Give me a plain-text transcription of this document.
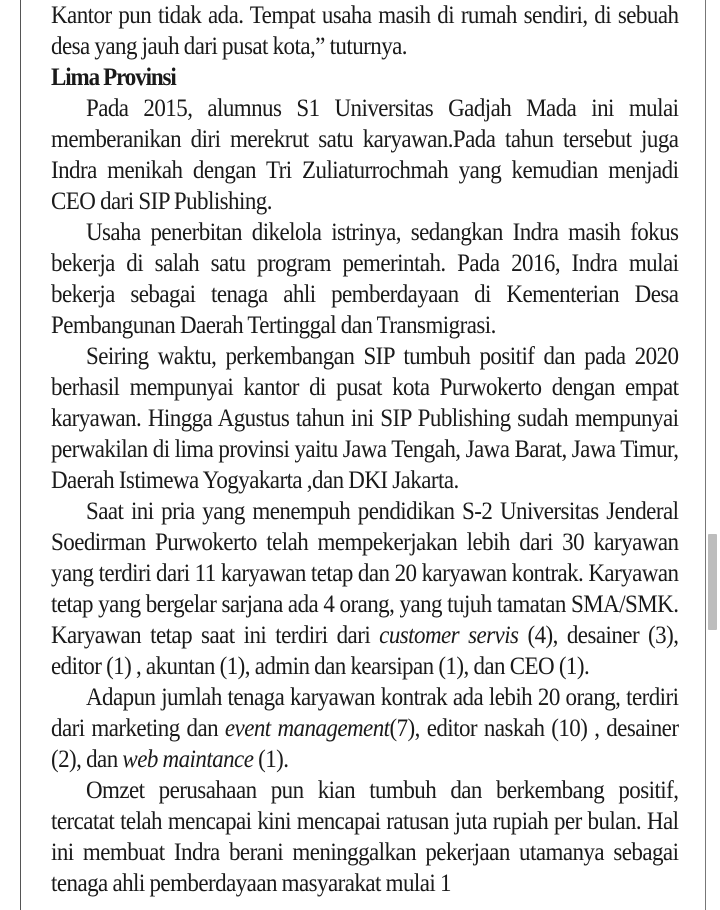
Kantor pun tidak ada. Tempat usaha masih di rumah sendiri, di sebuah desa yang jauh dari pusat kota,” tuturnya.

Lima Provinsi

Pada 2015, alumnus S1 Universitas Gadjah Mada ini mulai memberanikan diri merekrut satu karyawan.Pada tahun tersebut juga Indra menikah dengan Tri Zuliaturrochmah yang kemudian menjadi CEO dari SIP Publishing.

Usaha penerbitan dikelola istrinya, sedangkan Indra masih fokus bekerja di salah satu program pemerintah. Pada 2016, Indra mulai bekerja sebagai tenaga ahli pemberdayaan di Kementerian Desa Pembangunan Daerah Tertinggal dan Transmigrasi.

Seiring waktu, perkembangan SIP tumbuh positif dan pada 2020 berhasil mempunyai kantor di pusat kota Purwokerto dengan empat karyawan. Hingga Agustus tahun ini SIP Publishing sudah mempunyai perwakilan di lima provinsi yaitu Jawa Tengah, Jawa Barat, Jawa Timur, Daerah Istimewa Yogyakarta ,dan DKI Jakarta.

Saat ini pria yang menempuh pendidikan S-2 Universitas Jenderal Soedirman Purwokerto telah mempekerjakan lebih dari 30 karyawan yang terdiri dari 11 karyawan tetap dan 20 karyawan kontrak. Karyawan tetap yang bergelar sarjana ada 4 orang, yang tujuh tamatan SMA/SMK. Karyawan tetap saat ini terdiri dari customer servis (4), desainer (3), editor (1) , akuntan (1), admin dan kearsipan (1), dan CEO (1).

Adapun jumlah tenaga karyawan kontrak ada lebih 20 orang, terdiri dari marketing dan event management(7), editor naskah (10) , desainer (2), dan web maintance (1).

Omzet perusahaan pun kian tumbuh dan berkembang positif, tercatat telah mencapai kini mencapai ratusan juta rupiah per bulan. Hal ini membuat Indra berani meninggalkan pekerjaan utamanya sebagai tenaga ahli pemberdayaan masyarakat mulai 1
